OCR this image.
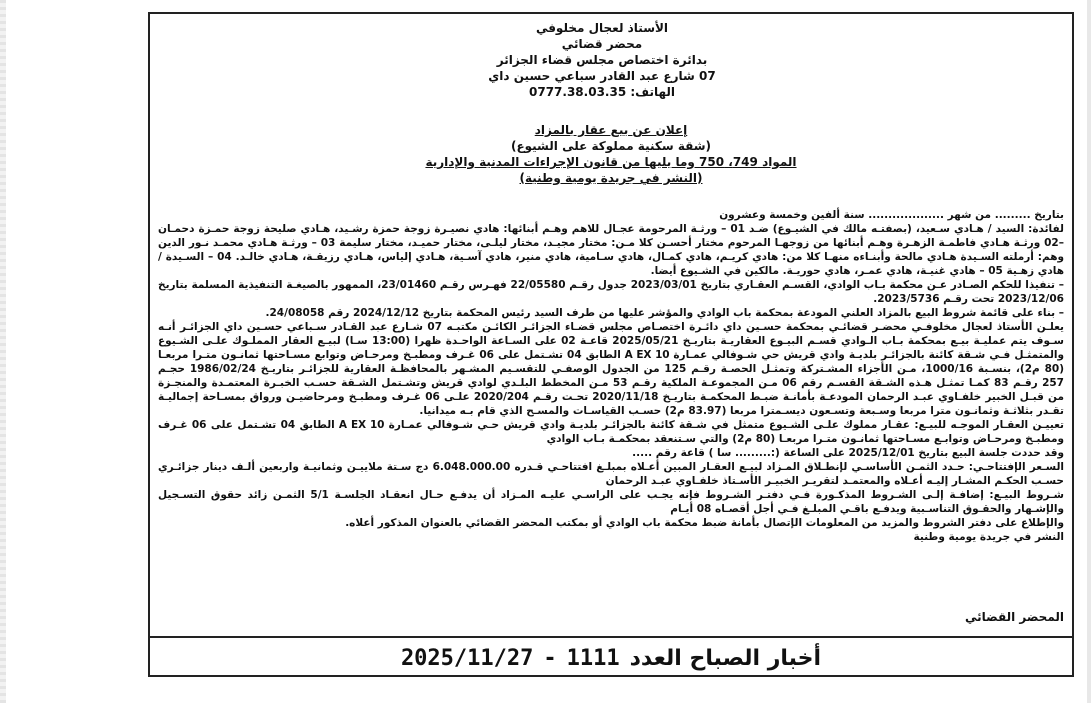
الأستاذ لعجال مخلوفي
محضر قضائي
بدائرة اختصاص مجلس قضاء الجزائر
07 شارع عبد القادر سباعي حسين داي
الهاتف: 0777.38.03.35
إعلان عن بيع عقار بالمزاد
(شقة سكنية مملوكة على الشيوع)
المواد 749، 750 وما يليها من قانون الإجراءات المدنية والإدارية
(النشر في جريدة يومية وطنية)

بتاريخ ......... من شهر ................... سنة ألفين وخمسة وعشرون

لفائدة: السيد / هـادي سـعيد، (بصفتـه مالك في الشيـوع) ضـد 01 – ورثـة المرحومة عجـال للاهم وهـم أبنائها: هادي نصيـرة زوجة حمزة رشـيد، هـادي صليحة زوجة حمـزة دحمـان –02 ورثـة هـادي فاطمـة الزهـرة وهـم أبنائها من زوجهـا المرحوم مختار أحسـن كلا مـن: مختار مجيـد، مختار ليلـى، مختار حميـد، مختار سليمة 03 – ورثـة هـادي محمـد نـور الدين وهم: أرملته السـيدة هـادي مالحة وأبنـاءه منهـا كلا من: هادي كريـم، هادي كمـال، هادي سـامية، هادي منير، هادي آسـية، هـادي إلياس، هـادي رزيقـة، هـادي خالـد. 04 – السـيدة / هادي زهـية 05 – هادي غنيـة، هادي عمـر، هادي حوريـة. مالكين في الشـيوع أيضا.

– تنفيذا للحكم الصـادر عـن محكمة بـاب الوادي، القسـم العقـاري بتاريخ 2023/03/01 جدول رقـم 22/05580 فهـرس رقـم 23/01460، الممهور بالصيغـة التنفيذية المسلمة بتاريخ 2023/12/06 تحت رقـم 2023/5736.

– بناء على قائمة شروط البيع بالمزاد العلني المودعة بمحكمة باب الوادي والمؤشر عليها من طرف السيد رئيس المحكمة بتاريخ 2024/12/12 رقم 24/08058.

يعلـن الأستاذ لعجال مخلوفـي محضـر قضائـي بمحكمة حسـين داي دائـرة اختصـاص مجلس قضـاء الجزائـر الكائـن مكتبـه 07 شـارع عبد القـادر سـباعي حسـين داي الجزائـر أنـه سـوف يتم عمليـة بيـع بمحكمة بـاب الـوادي قسـم البيـوع العقاريـة بتاريـخ 2025/05/21 قاعـة 02 على السـاعة الواحـدة ظهرا (13:00 سـا) لبيـع العقار المملـوك علـى الشـيوع والمتمثـل فـي شـقة كائنة بالجزائـر بلديـة وادي قريش حي شـوفالي عمـارة A EX 10 الطابق 04 تشـتمل على 06 غـرف ومطبـخ ومرحـاض وتوابع مسـاحتها ثمانـون متـرا مربعـا (80 م2)، بنسـبة 1000/16، مـن الأجزاء المشـتركة وتمثـل الحصـة رقـم 125 من الجدول الوصفـي للتقسـيم المشـهر بالمحافظـة العقارية للجزائـر بتاريـخ 1986/02/24 حجـم 257 رقـم 83 كمـا تمثـل هـذه الشـقة القسـم رقم 06 مـن المجموعـة الملكية رقـم 53 مـن المخطط البلـدي لوادي قريش وتشـتمل الشـقة حسـب الخبـرة المعتمـدة والمنجـزة من قبـل الخبير خلفـاوي عبـد الرحمان المودعـة بأمانـة ضبـط المحكمـة بتاريـخ 2020/11/18 تحـت رقـم 2020/204 علـى 06 غـرف ومطبـخ ومرحاضيـن ورواق بمسـاحة إجماليـة تقـدر بثلاثـة وثمانـون مترا مربعا وسـبعة وتسـعون ديسـمترا مربعا (83.97 م2) حسـب القياسـات والمسـح الذي قام بـه ميدانيا.

تعييـن العقـار الموجـه للبيـع: عقـار مملوك علـى الشـيوع متمثل في شـقة كائنة بالجزائـر بلديـة وادي قريش حـي شـوفالي عمـارة A EX 10 الطابق 04 تشـتمل على 06 غـرف ومطبـخ ومرحـاض وتوابـع مسـاحتها ثمانـون متـرا مربعـا (80 م2) والتي سـتنعقد بمحكمـة بـاب الوادي

وقد حددت جلسة البيع بتاريخ 2025/12/01 على الساعة (:......... سا ) قاعة رقم .....

السـعر الإفتتاحـي: حـدد الثمـن الأساسـي لإنطـلاق المـزاد لبيـع العقـار المبين أعـلاه بمبلـغ افتتاحـي قـدره 6.048.000.00 دج سـتة ملاييـن وثمانيـة واربعين ألـف دينار جزائـري حسـب الحكـم المشـار إليـه أعـلاه والمعتمـد لتقريـر الخبيـر الأسـتاذ خلفـاوي عبـد الرحمان

شـروط البيـع: إضافـة إلـى الشـروط المذكـورة فـي دفتـر الشـروط فإنه يجـب على الراسـي عليـه المـزاد أن يدفـع حـال انعقـاد الجلسـة 5/1 الثمـن زائد حقوق التسـجيل والإشـهار والحقـوق التناسـبية ويدفـع باقـي المبلـغ فـي أجل أقصـاه 08 أيـام

والإطلاع على دفتر الشروط والمزيد من المعلومات الإتصال بأمانة ضبط محكمة باب الوادي أو بمكتب المحضر القضائي بالعنوان المذكور أعلاه.

النشر في جريدة يومية وطنية

المحضر القضائي
2025/11/27 - 1111 أخبار الصباح العدد
